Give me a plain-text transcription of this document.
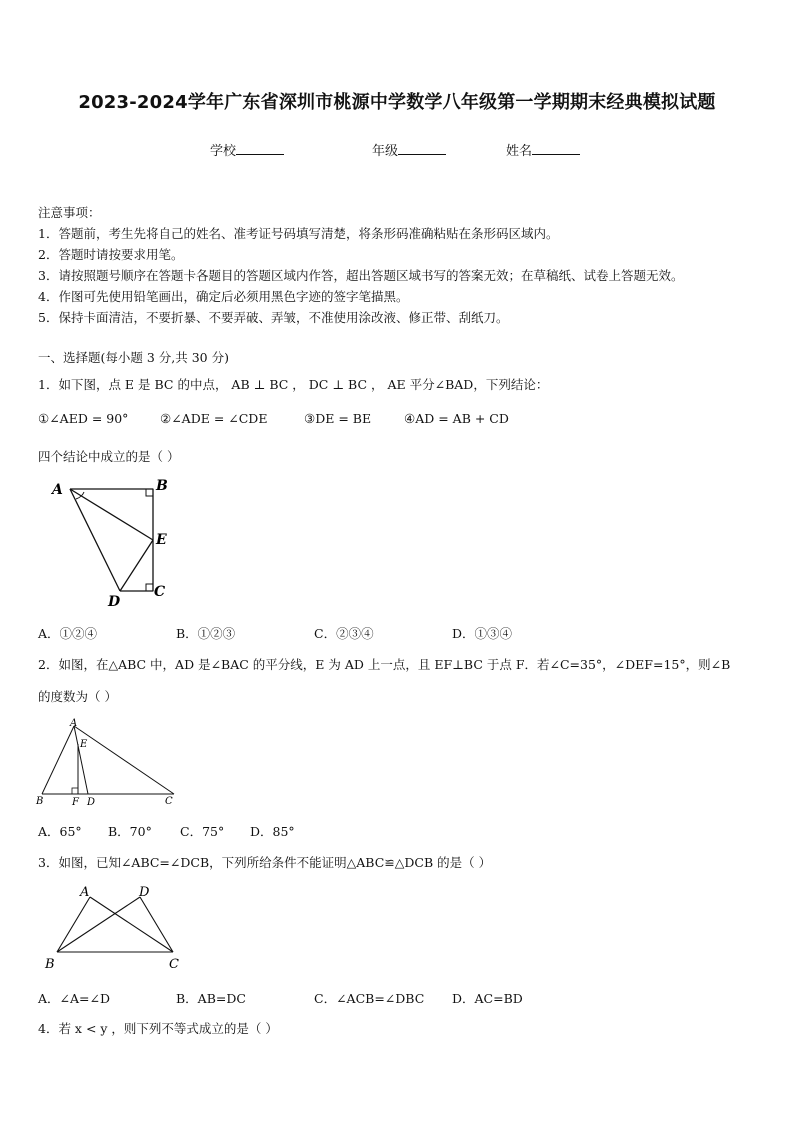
2023-2024学年广东省深圳市桃源中学数学八年级第一学期期末经典模拟试题
学校	年级	姓名
注意事项：
1．答题前，考生先将自己的姓名、准考证号码填写清楚，将条形码准确粘贴在条形码区域内。
2．答题时请按要求用笔。
3．请按照题号顺序在答题卡各题目的答题区域内作答，超出答题区域书写的答案无效；在草稿纸、试卷上答题无效。
4．作图可先使用铅笔画出，确定后必须用黑色字迹的签字笔描黑。
5．保持卡面清洁，不要折暴、不要弄破、弄皱，不准使用涂改液、修正带、刮纸刀。
一、选择题(每小题 3 分,共 30 分)
1．如下图，点 E 是 BC 的中点， AB ⊥ BC ， DC ⊥ BC ， AE 平分∠BAD，下列结论：
①∠AED = 90°	②∠ADE = ∠CDE	③DE = BE	④AD = AB + CD
四个结论中成立的是（ ）
A	B
E
C
D
A．①②④	B．①②③	C．②③④	D．①③④
2．如图，在△ABC 中，AD 是∠BAC 的平分线，E 为 AD 上一点，且 EF⊥BC 于点 F．若∠C=35°，∠DEF=15°，则∠B
的度数为（ ）
A
E
B	F D	C
A．65° B．70° C．75° D．85°
3．如图，已知∠ABC=∠DCB，下列所给条件不能证明△ABC≌△DCB 的是（ ）
A	D
B	C
A．∠A=∠D	B．AB=DC	C．∠ACB=∠DBC D．AC=BD
4．若 x < y ，则下列不等式成立的是（ ）
